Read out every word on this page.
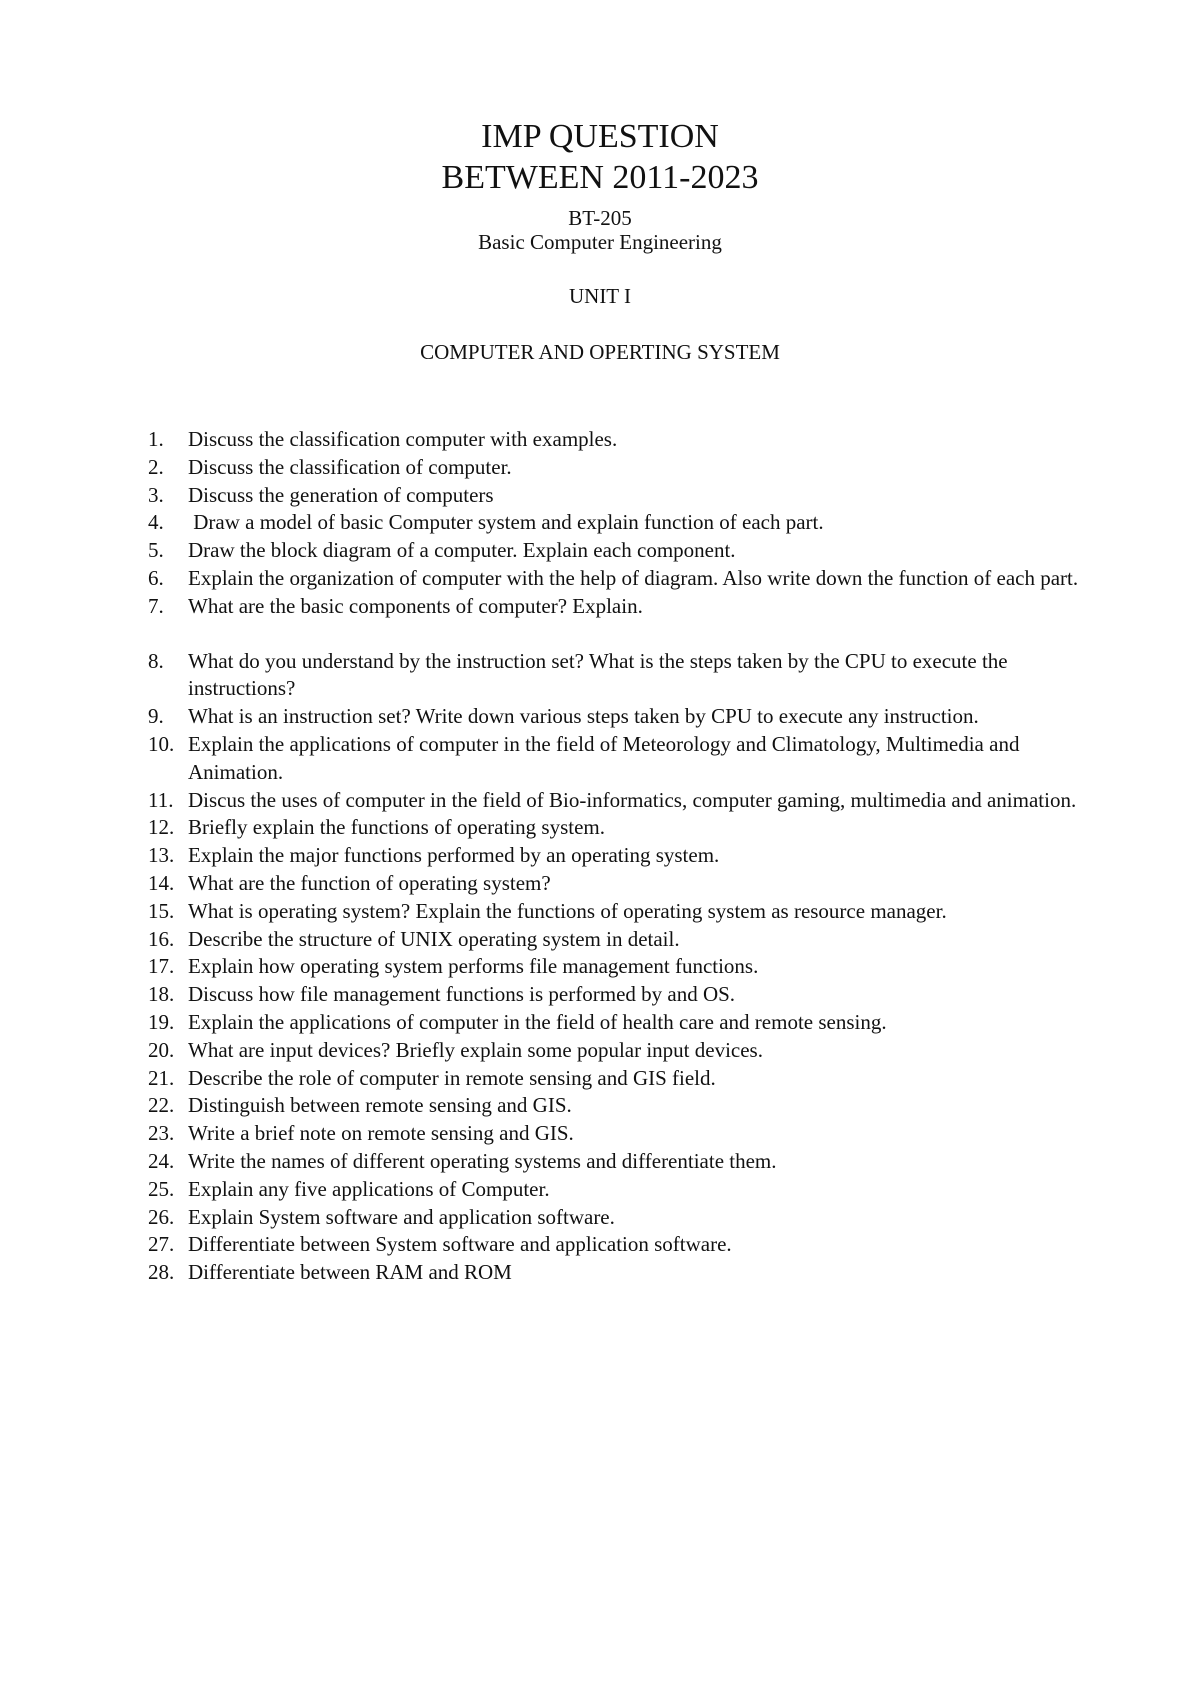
IMP QUESTION
BETWEEN 2011-2023
BT-205
Basic Computer Engineering
UNIT I
COMPUTER AND OPERTING SYSTEM
1.	Discuss the classification computer with examples.
2.	Discuss the classification of computer.
3.	Discuss the generation of computers
4.	Draw a model of basic Computer system and explain function of each part.
5.	Draw the block diagram of a computer. Explain each component.
6.	Explain the organization of computer with the help of diagram. Also write down the function of each part.
7.	What are the basic components of computer? Explain.
8.	What do you understand by the instruction set? What is the steps taken by the CPU to execute the instructions?
9.	What is an instruction set? Write down various steps taken by CPU to execute any instruction.
10. Explain the applications of computer in the field of Meteorology and Climatology, Multimedia and Animation.
11. Discus the uses of computer in the field of Bio-informatics, computer gaming, multimedia and animation.
12. Briefly explain the functions of operating system.
13. Explain the major functions performed by an operating system.
14. What are the function of operating system?
15. What is operating system? Explain the functions of operating system as resource manager.
16. Describe the structure of UNIX operating system in detail.
17. Explain how operating system performs file management functions.
18. Discuss how file management functions is performed by and OS.
19. Explain the applications of computer in the field of health care and remote sensing.
20. What are input devices? Briefly explain some popular input devices.
21. Describe the role of computer in remote sensing and GIS field.
22. Distinguish between remote sensing and GIS.
23. Write a brief note on remote sensing and GIS.
24. Write the names of different operating systems and differentiate them.
25. Explain any five applications of Computer.
26. Explain System software and application software.
27. Differentiate between System software and application software.
28. Differentiate between RAM and ROM
